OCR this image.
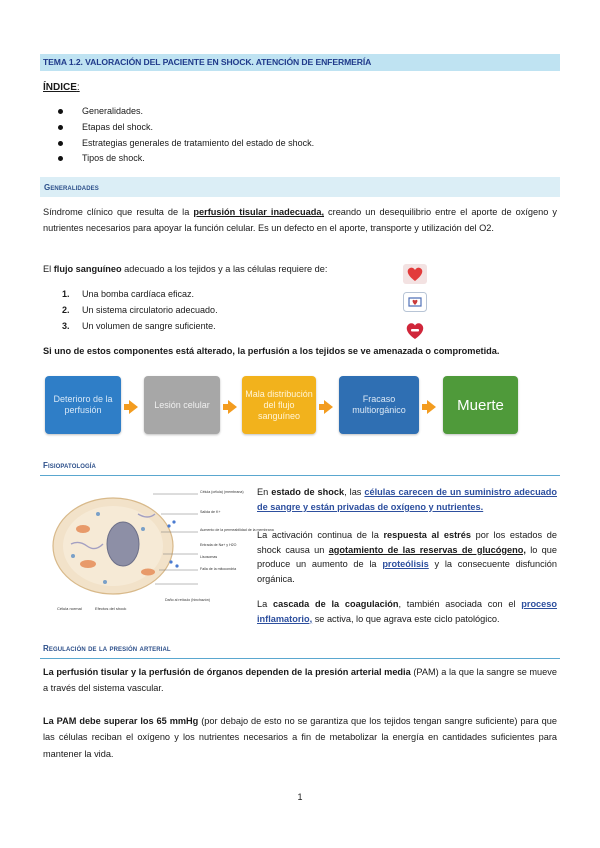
TEMA 1.2. VALORACIÓN DEL PACIENTE EN SHOCK. ATENCIÓN DE ENFERMERÍA
ÍNDICE:
Generalidades.
Etapas del shock.
Estrategias generales de tratamiento del estado de shock.
Tipos de shock.
Generalidades
Síndrome clínico que resulta de la perfusión tisular inadecuada, creando un desequilibrio entre el aporte de oxígeno y nutrientes necesarios para apoyar la función celular. Es un defecto en el aporte, transporte y utilización del O2.
El flujo sanguíneo adecuado a los tejidos y a las células requiere de:
1. Una bomba cardíaca eficaz.
2. Un sistema circulatorio adecuado.
3. Un volumen de sangre suficiente.

Si uno de estos componentes está alterado, la perfusión a los tejidos se ve amenazada o comprometida.
Deterioro de la perfusión
Lesión celular
Mala distribución del flujo sanguíneo
Fracaso multiorgánico	Muerte
Fisiopatología
Célula (célula) (membrana)
Salida de K+
Aumento de la permeabilidad de la membrana
Entrada de Na+ y H2O
Lisosomas
Falla de la mitocondria
Daño al retículo (hinchazón)
Célula normal	Efectos del shock
En estado de shock, las células carecen de un suministro adecuado de sangre y están privadas de oxígeno y nutrientes.
La activación continua de la respuesta al estrés por los estados de shock causa un agotamiento de las reservas de glucógeno, lo que produce un aumento de la proteólisis y la consecuente disfunción orgánica.
La cascada de la coagulación, también asociada con el proceso inflamatorio, se activa, lo que agrava este ciclo patológico.
Regulación de la presión arterial
La perfusión tisular y la perfusión de órganos dependen de la presión arterial media (PAM) a la que la sangre se mueve a través del sistema vascular.
La PAM debe superar los 65 mmHg (por debajo de esto no se garantiza que los tejidos tengan sangre suficiente) para que las células reciban el oxígeno y los nutrientes necesarios a fin de metabolizar la energía en cantidades suficientes para mantener la vida.
1
